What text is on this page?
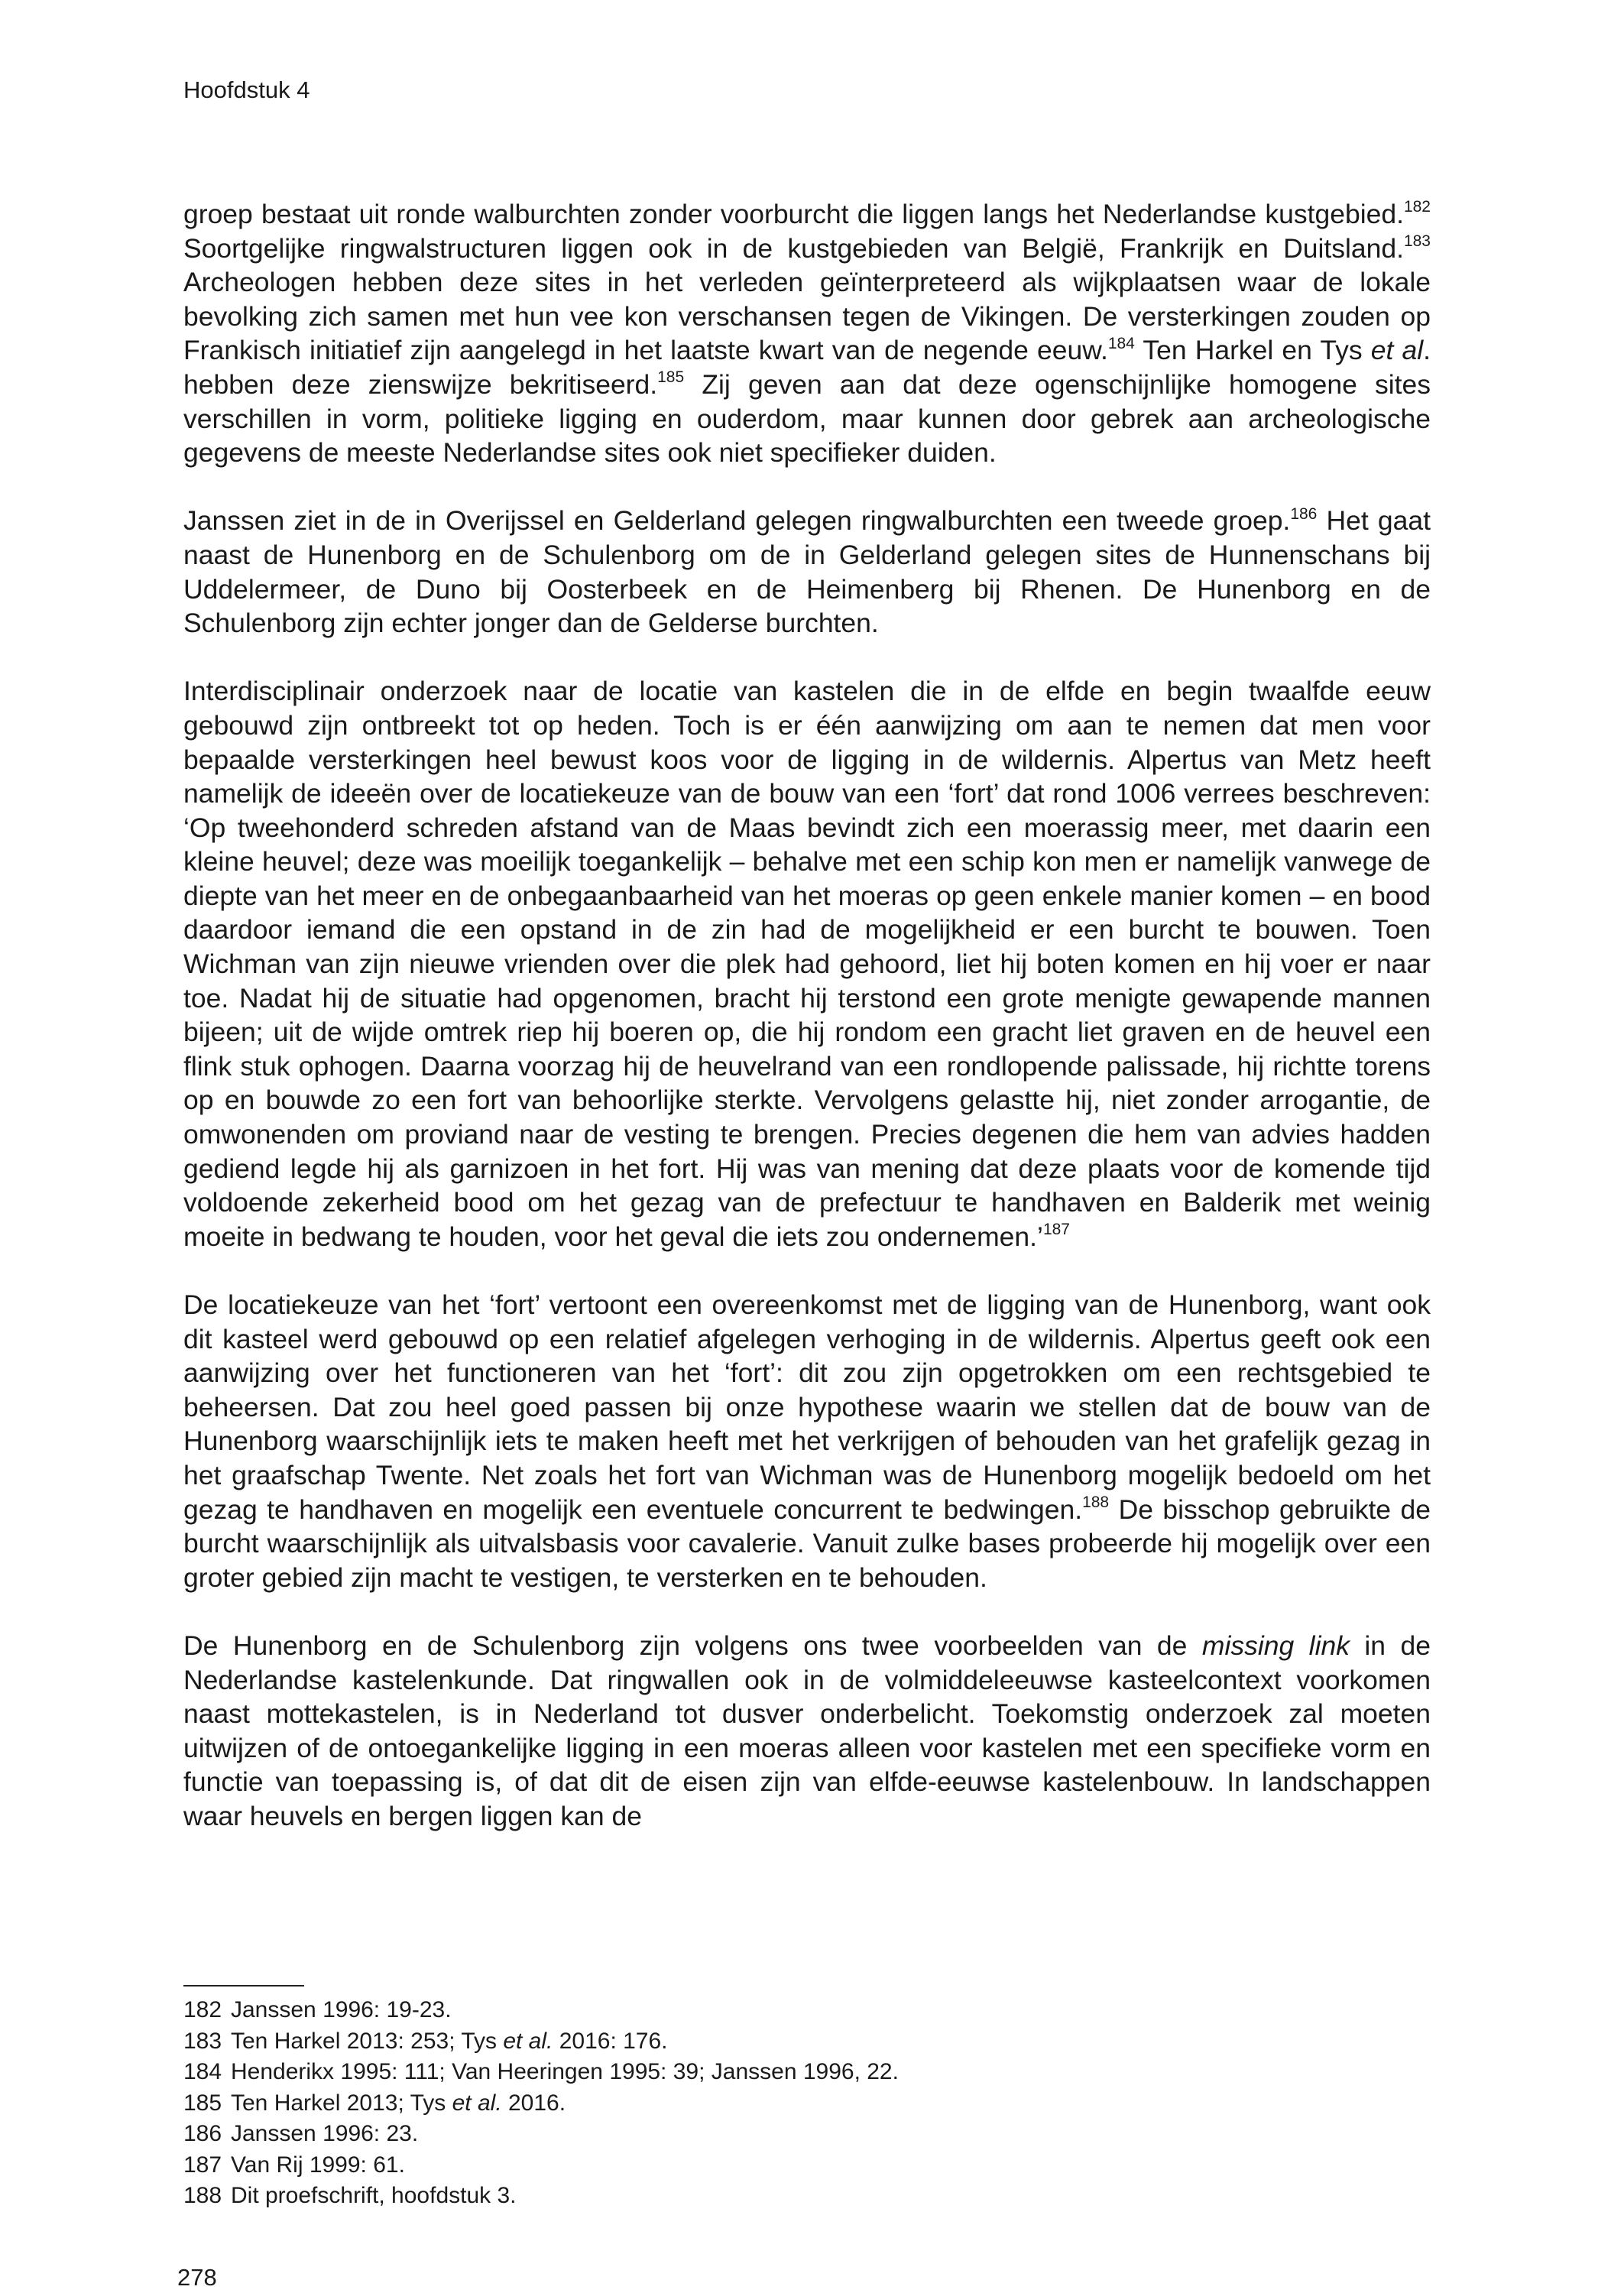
Hoofdstuk 4

groep bestaat uit ronde walburchten zonder voorburcht die liggen langs het Nederlandse kustgebied.$^{182}$ Soortgelijke ringwalstructuren liggen ook in de kustgebieden van België, Frankrijk en Duitsland.$^{183}$ Archeologen hebben deze sites in het verleden geïnterpreteerd als wijkplaatsen waar de lokale bevolking zich samen met hun vee kon verschansen tegen de Vikingen. De versterkingen zouden op Frankisch initiatief zijn aangelegd in het laatste kwart van de negende eeuw.$^{184}$ Ten Harkel en Tys et al. hebben deze zienswijze bekritiseerd.$^{185}$ Zij geven aan dat deze ogenschijnlijke homogene sites verschillen in vorm, politieke ligging en ouderdom, maar kunnen door gebrek aan archeologische gegevens de meeste Nederlandse sites ook niet specifieker duiden.

Janssen ziet in de in Overijssel en Gelderland gelegen ringwalburchten een tweede groep.$^{186}$ Het gaat naast de Hunenborg en de Schulenborg om de in Gelderland gelegen sites de Hunnenschans bij Uddelermeer, de Duno bij Oosterbeek en de Heimenberg bij Rhenen. De Hunenborg en de Schulenborg zijn echter jonger dan de Gelderse burchten.

Interdisciplinair onderzoek naar de locatie van kastelen die in de elfde en begin twaalfde eeuw gebouwd zijn ontbreekt tot op heden. Toch is er één aanwijzing om aan te nemen dat men voor bepaalde versterkingen heel bewust koos voor de ligging in de wildernis. Alpertus van Metz heeft namelijk de ideeën over de locatiekeuze van de bouw van een ‘fort’ dat rond 1006 verrees beschreven: ‘Op tweehonderd schreden afstand van de Maas bevindt zich een moerassig meer, met daarin een kleine heuvel; deze was moeilijk toegankelijk – behalve met een schip kon men er namelijk vanwege de diepte van het meer en de onbegaanbaarheid van het moeras op geen enkele manier komen – en bood daardoor iemand die een opstand in de zin had de mogelijkheid er een burcht te bouwen. Toen Wichman van zijn nieuwe vrienden over die plek had gehoord, liet hij boten komen en hij voer er naar toe. Nadat hij de situatie had opgenomen, bracht hij terstond een grote menigte gewapende mannen bijeen; uit de wijde omtrek riep hij boeren op, die hij rondom een gracht liet graven en de heuvel een flink stuk ophogen. Daarna voorzag hij de heuvelrand van een rondlopende palissade, hij richtte torens op en bouwde zo een fort van behoorlijke sterkte. Vervolgens gelastte hij, niet zonder arrogantie, de omwonenden om proviand naar de vesting te brengen. Precies degenen die hem van advies hadden gediend legde hij als garnizoen in het fort. Hij was van mening dat deze plaats voor de komende tijd voldoende zekerheid bood om het gezag van de prefectuur te handhaven en Balderik met weinig moeite in bedwang te houden, voor het geval die iets zou ondernemen.’$^{187}$

De locatiekeuze van het ‘fort’ vertoont een overeenkomst met de ligging van de Hunenborg, want ook dit kasteel werd gebouwd op een relatief afgelegen verhoging in de wildernis. Alpertus geeft ook een aanwijzing over het functioneren van het ‘fort’: dit zou zijn opgetrokken om een rechtsgebied te beheersen. Dat zou heel goed passen bij onze hypothese waarin we stellen dat de bouw van de Hunenborg waarschijnlijk iets te maken heeft met het verkrijgen of behouden van het grafelijk gezag in het graafschap Twente. Net zoals het fort van Wichman was de Hunenborg mogelijk bedoeld om het gezag te handhaven en mogelijk een eventuele concurrent te bedwingen.$^{188}$ De bisschop gebruikte de burcht waarschijnlijk als uitvalsbasis voor cavalerie. Vanuit zulke bases probeerde hij mogelijk over een groter gebied zijn macht te vestigen, te versterken en te behouden.

De Hunenborg en de Schulenborg zijn volgens ons twee voorbeelden van de missing link in de Nederlandse kastelenkunde. Dat ringwallen ook in de volmiddeleeuwse kasteelcontext voorkomen naast mottekastelen, is in Nederland tot dusver onderbelicht. Toekomstig onderzoek zal moeten uitwijzen of de ontoegankelijke ligging in een moeras alleen voor kastelen met een specifieke vorm en functie van toepassing is, of dat dit de eisen zijn van elfde-eeuwse kastelenbouw. In landschappen waar heuvels en bergen liggen kan de

182 Janssen 1996: 19-23.
183 Ten Harkel 2013: 253; Tys et al. 2016: 176.
184 Henderikx 1995: 111; Van Heeringen 1995: 39; Janssen 1996, 22.
185 Ten Harkel 2013; Tys et al. 2016.
186 Janssen 1996: 23.
187 Van Rij 1999: 61.
188 Dit proefschrift, hoofdstuk 3.
278
